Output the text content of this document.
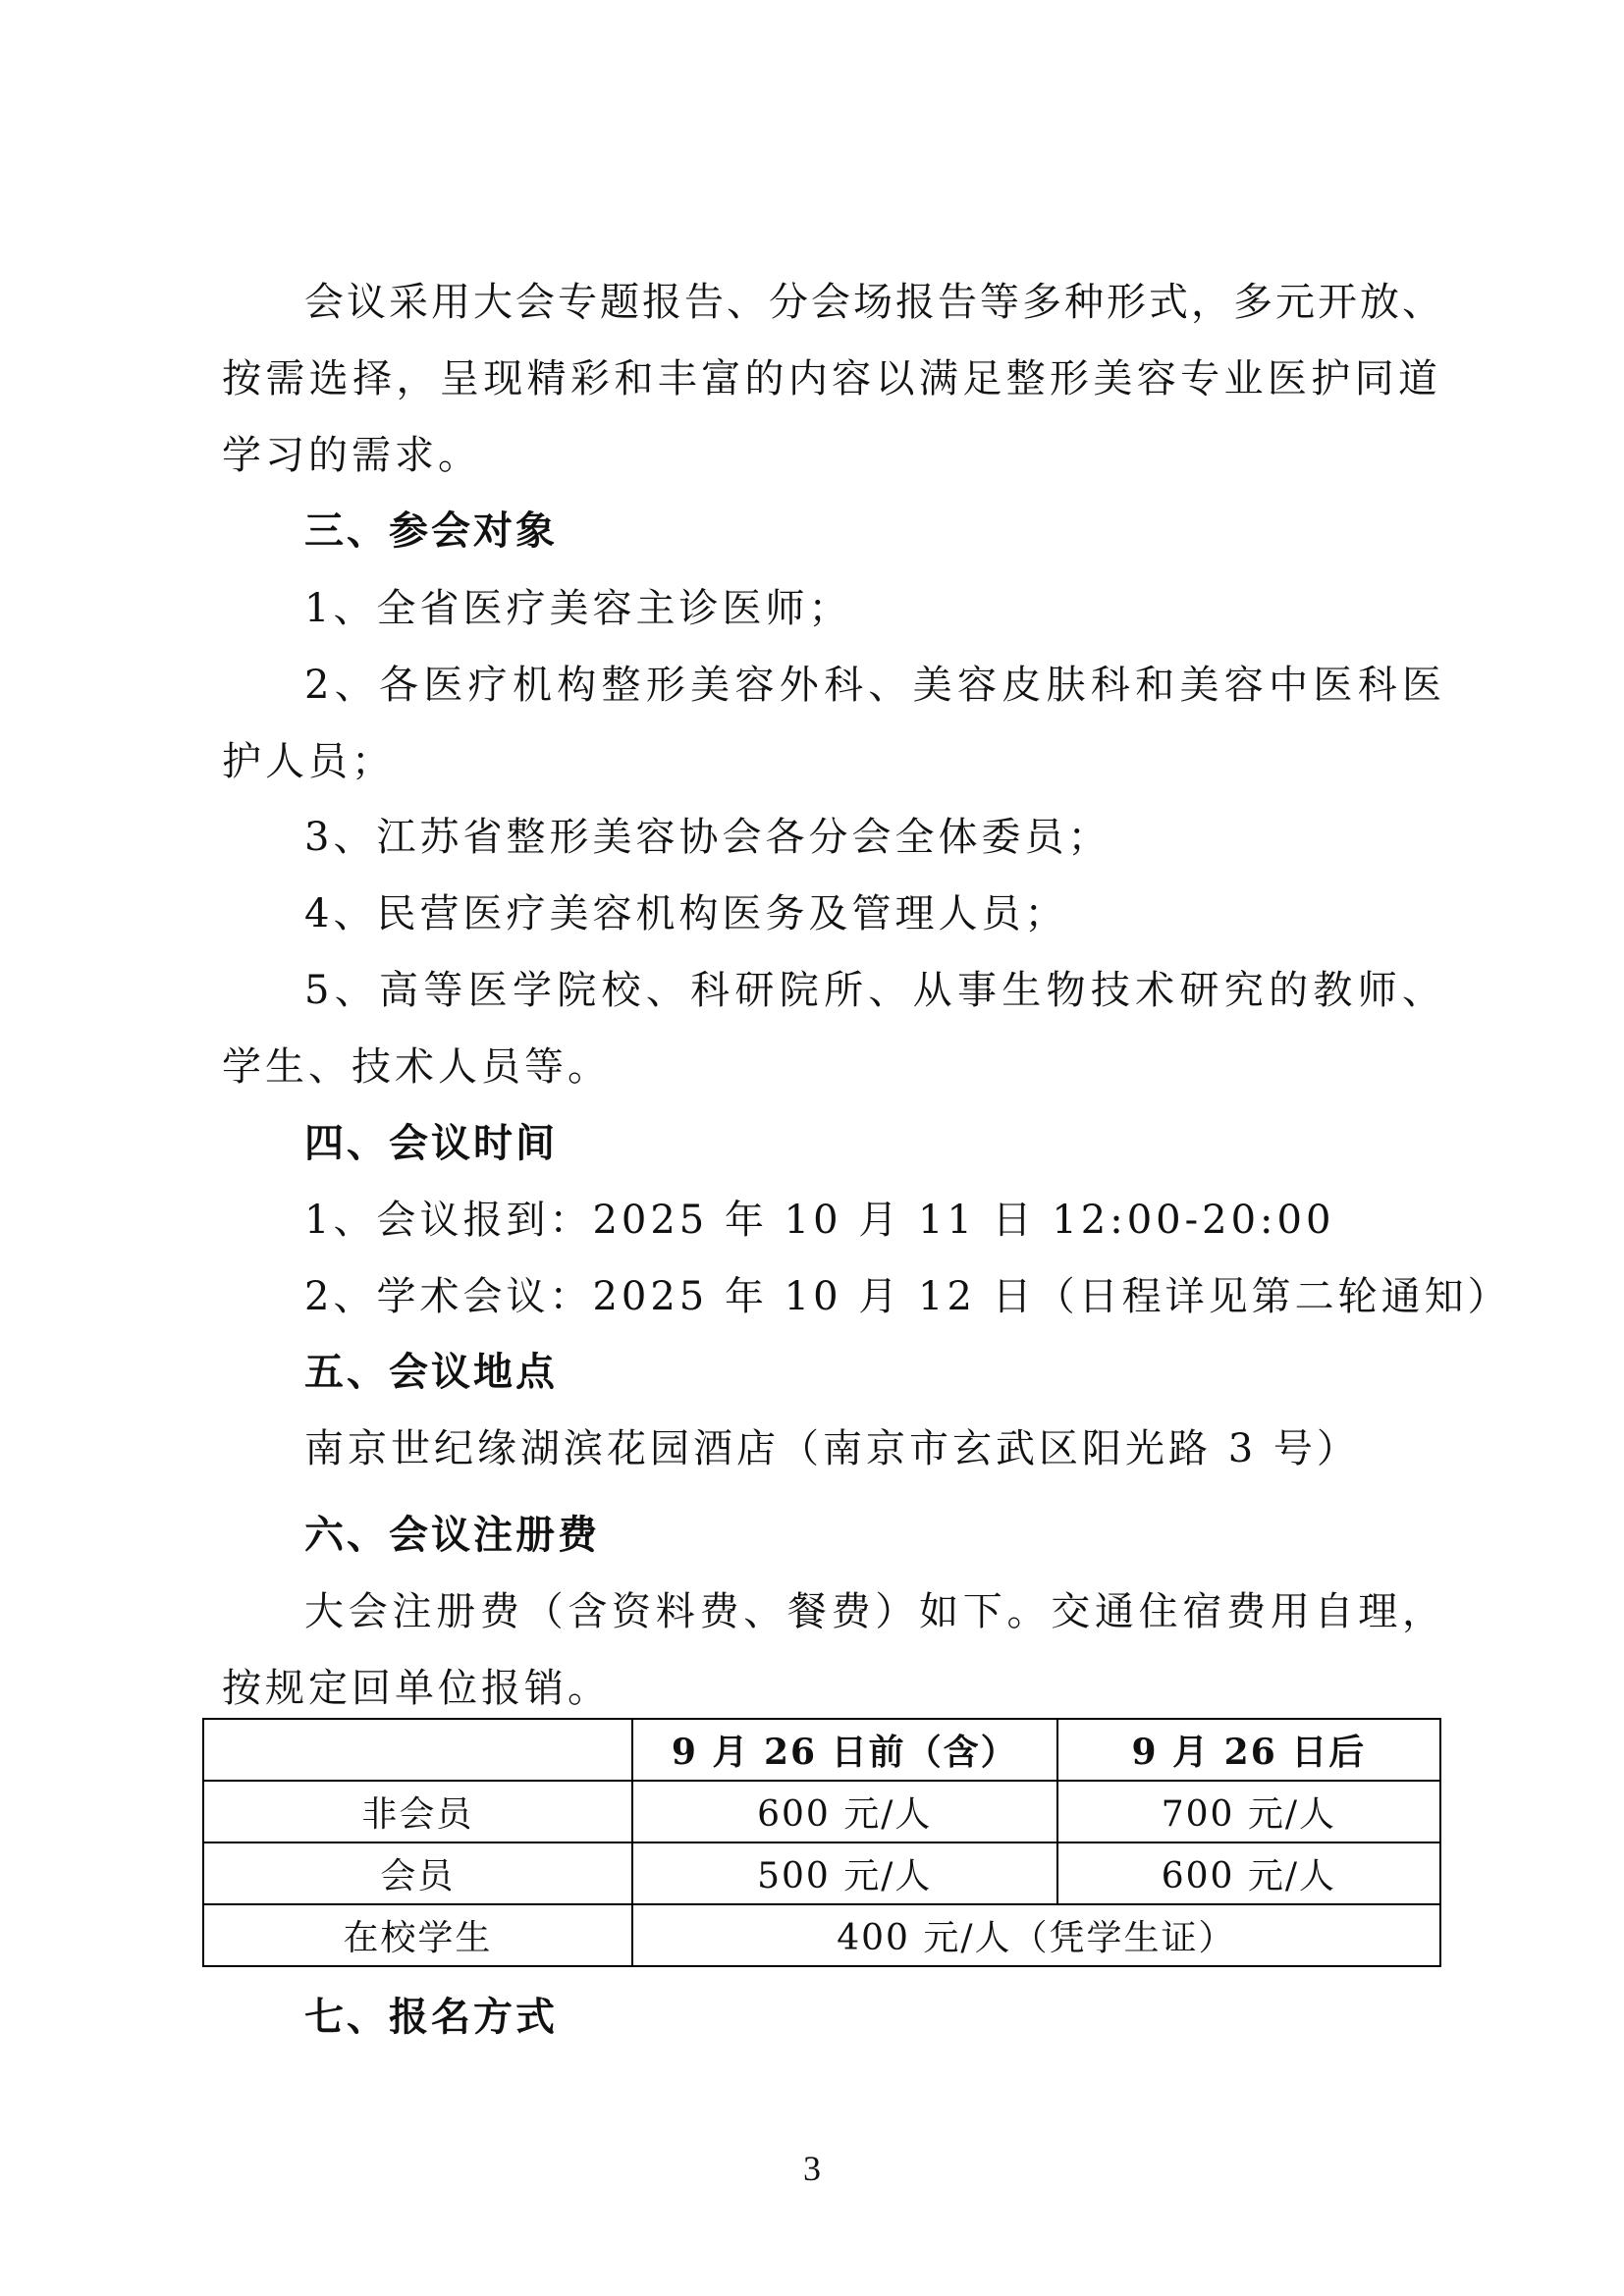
会议采用大会专题报告、分会场报告等多种形式，多元开放、
按需选择，呈现精彩和丰富的内容以满足整形美容专业医护同道
学习的需求。
三、参会对象
1、全省医疗美容主诊医师；
2、各医疗机构整形美容外科、美容皮肤科和美容中医科医
护人员；
3、江苏省整形美容协会各分会全体委员；
4、民营医疗美容机构医务及管理人员；
5、高等医学院校、科研院所、从事生物技术研究的教师、
学生、技术人员等。
四、会议时间
1、会议报到：2025 年 10 月 11 日 12:00-20:00
2、学术会议：2025 年 10 月 12 日（日程详见第二轮通知）
五、会议地点
南京世纪缘湖滨花园酒店（南京市玄武区阳光路 3 号）
六、会议注册费
大会注册费（含资料费、餐费）如下。交通住宿费用自理，
按规定回单位报销。
	9 月 26 日前（含）	9 月 26 日后
非会员	600 元/人	700 元/人
会员	500 元/人	600 元/人
在校学生	400 元/人（凭学生证）	
七、报名方式
3
